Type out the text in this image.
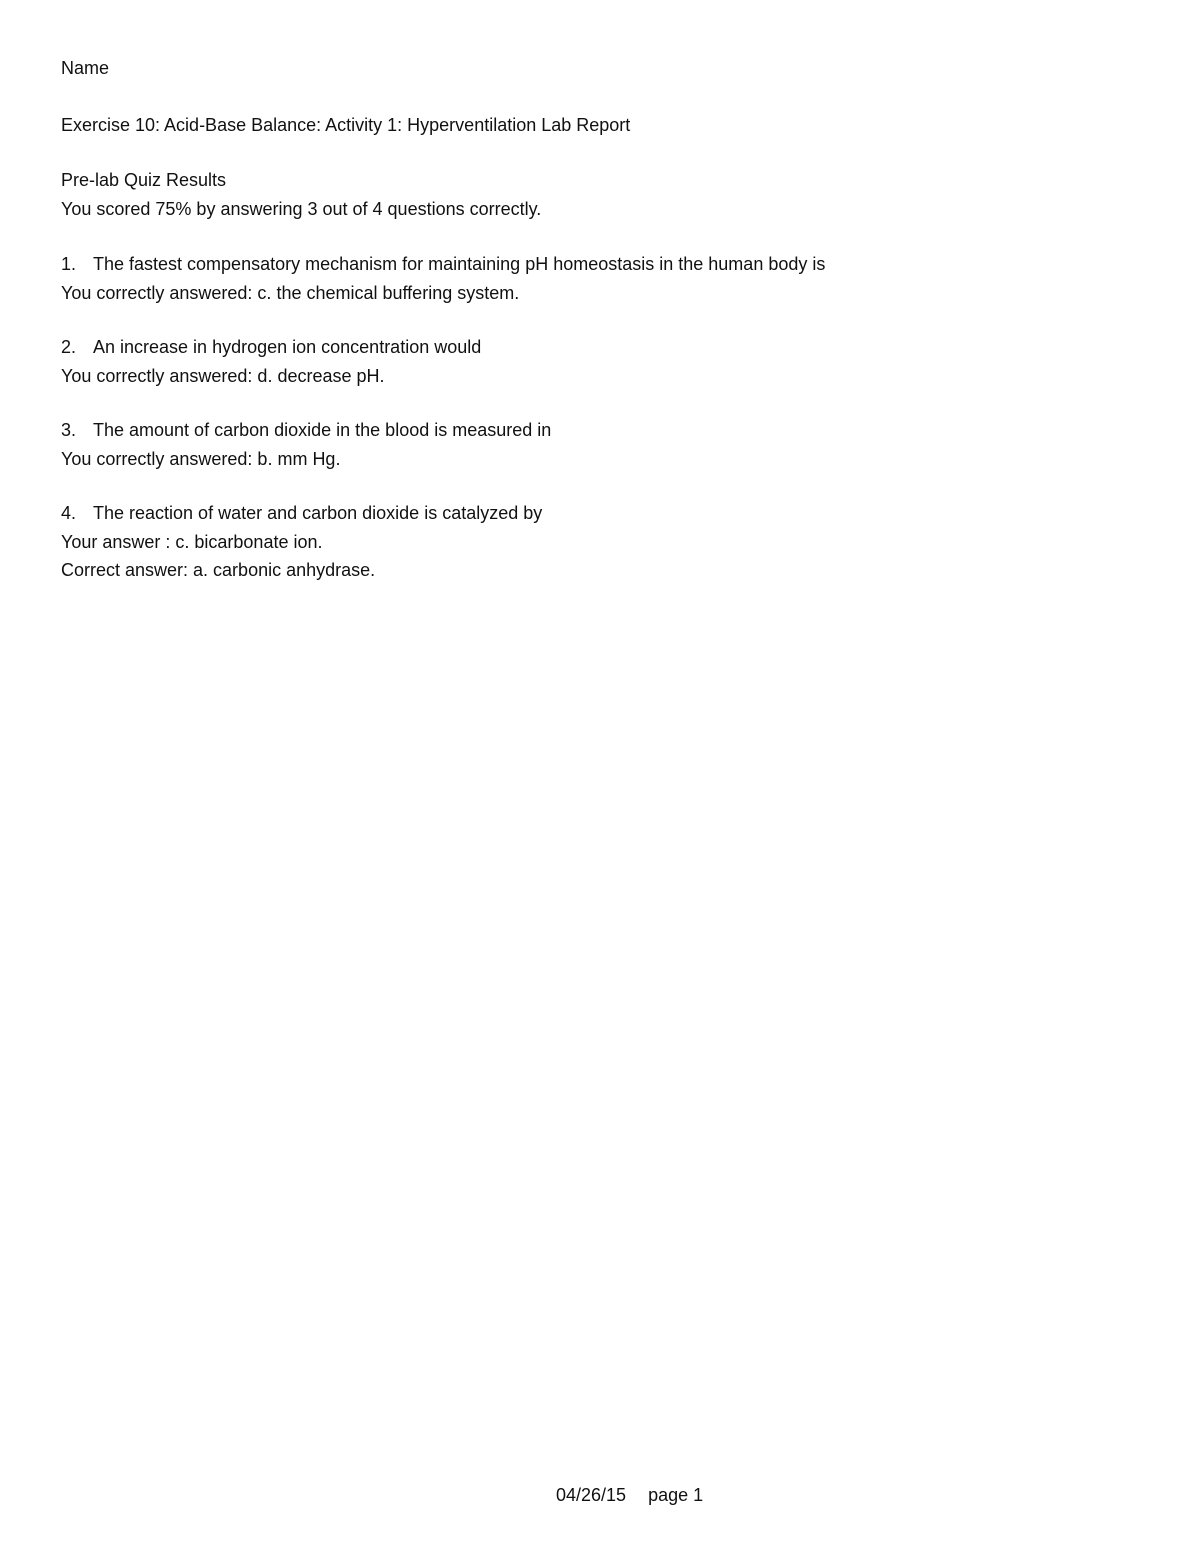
Name
Exercise 10: Acid-Base Balance: Activity 1: Hyperventilation Lab Report
Pre-lab Quiz Results
You scored 75% by answering 3 out of 4 questions correctly.
1. The fastest compensatory mechanism for maintaining pH homeostasis in the human body is
You correctly answered: c. the chemical buffering system.
2. An increase in hydrogen ion concentration would
You correctly answered: d. decrease pH.
3. The amount of carbon dioxide in the blood is measured in
You correctly answered: b. mm Hg.
4. The reaction of water and carbon dioxide is catalyzed by
Your answer : c. bicarbonate ion.
Correct answer: a. carbonic anhydrase.
04/26/15 page 1
